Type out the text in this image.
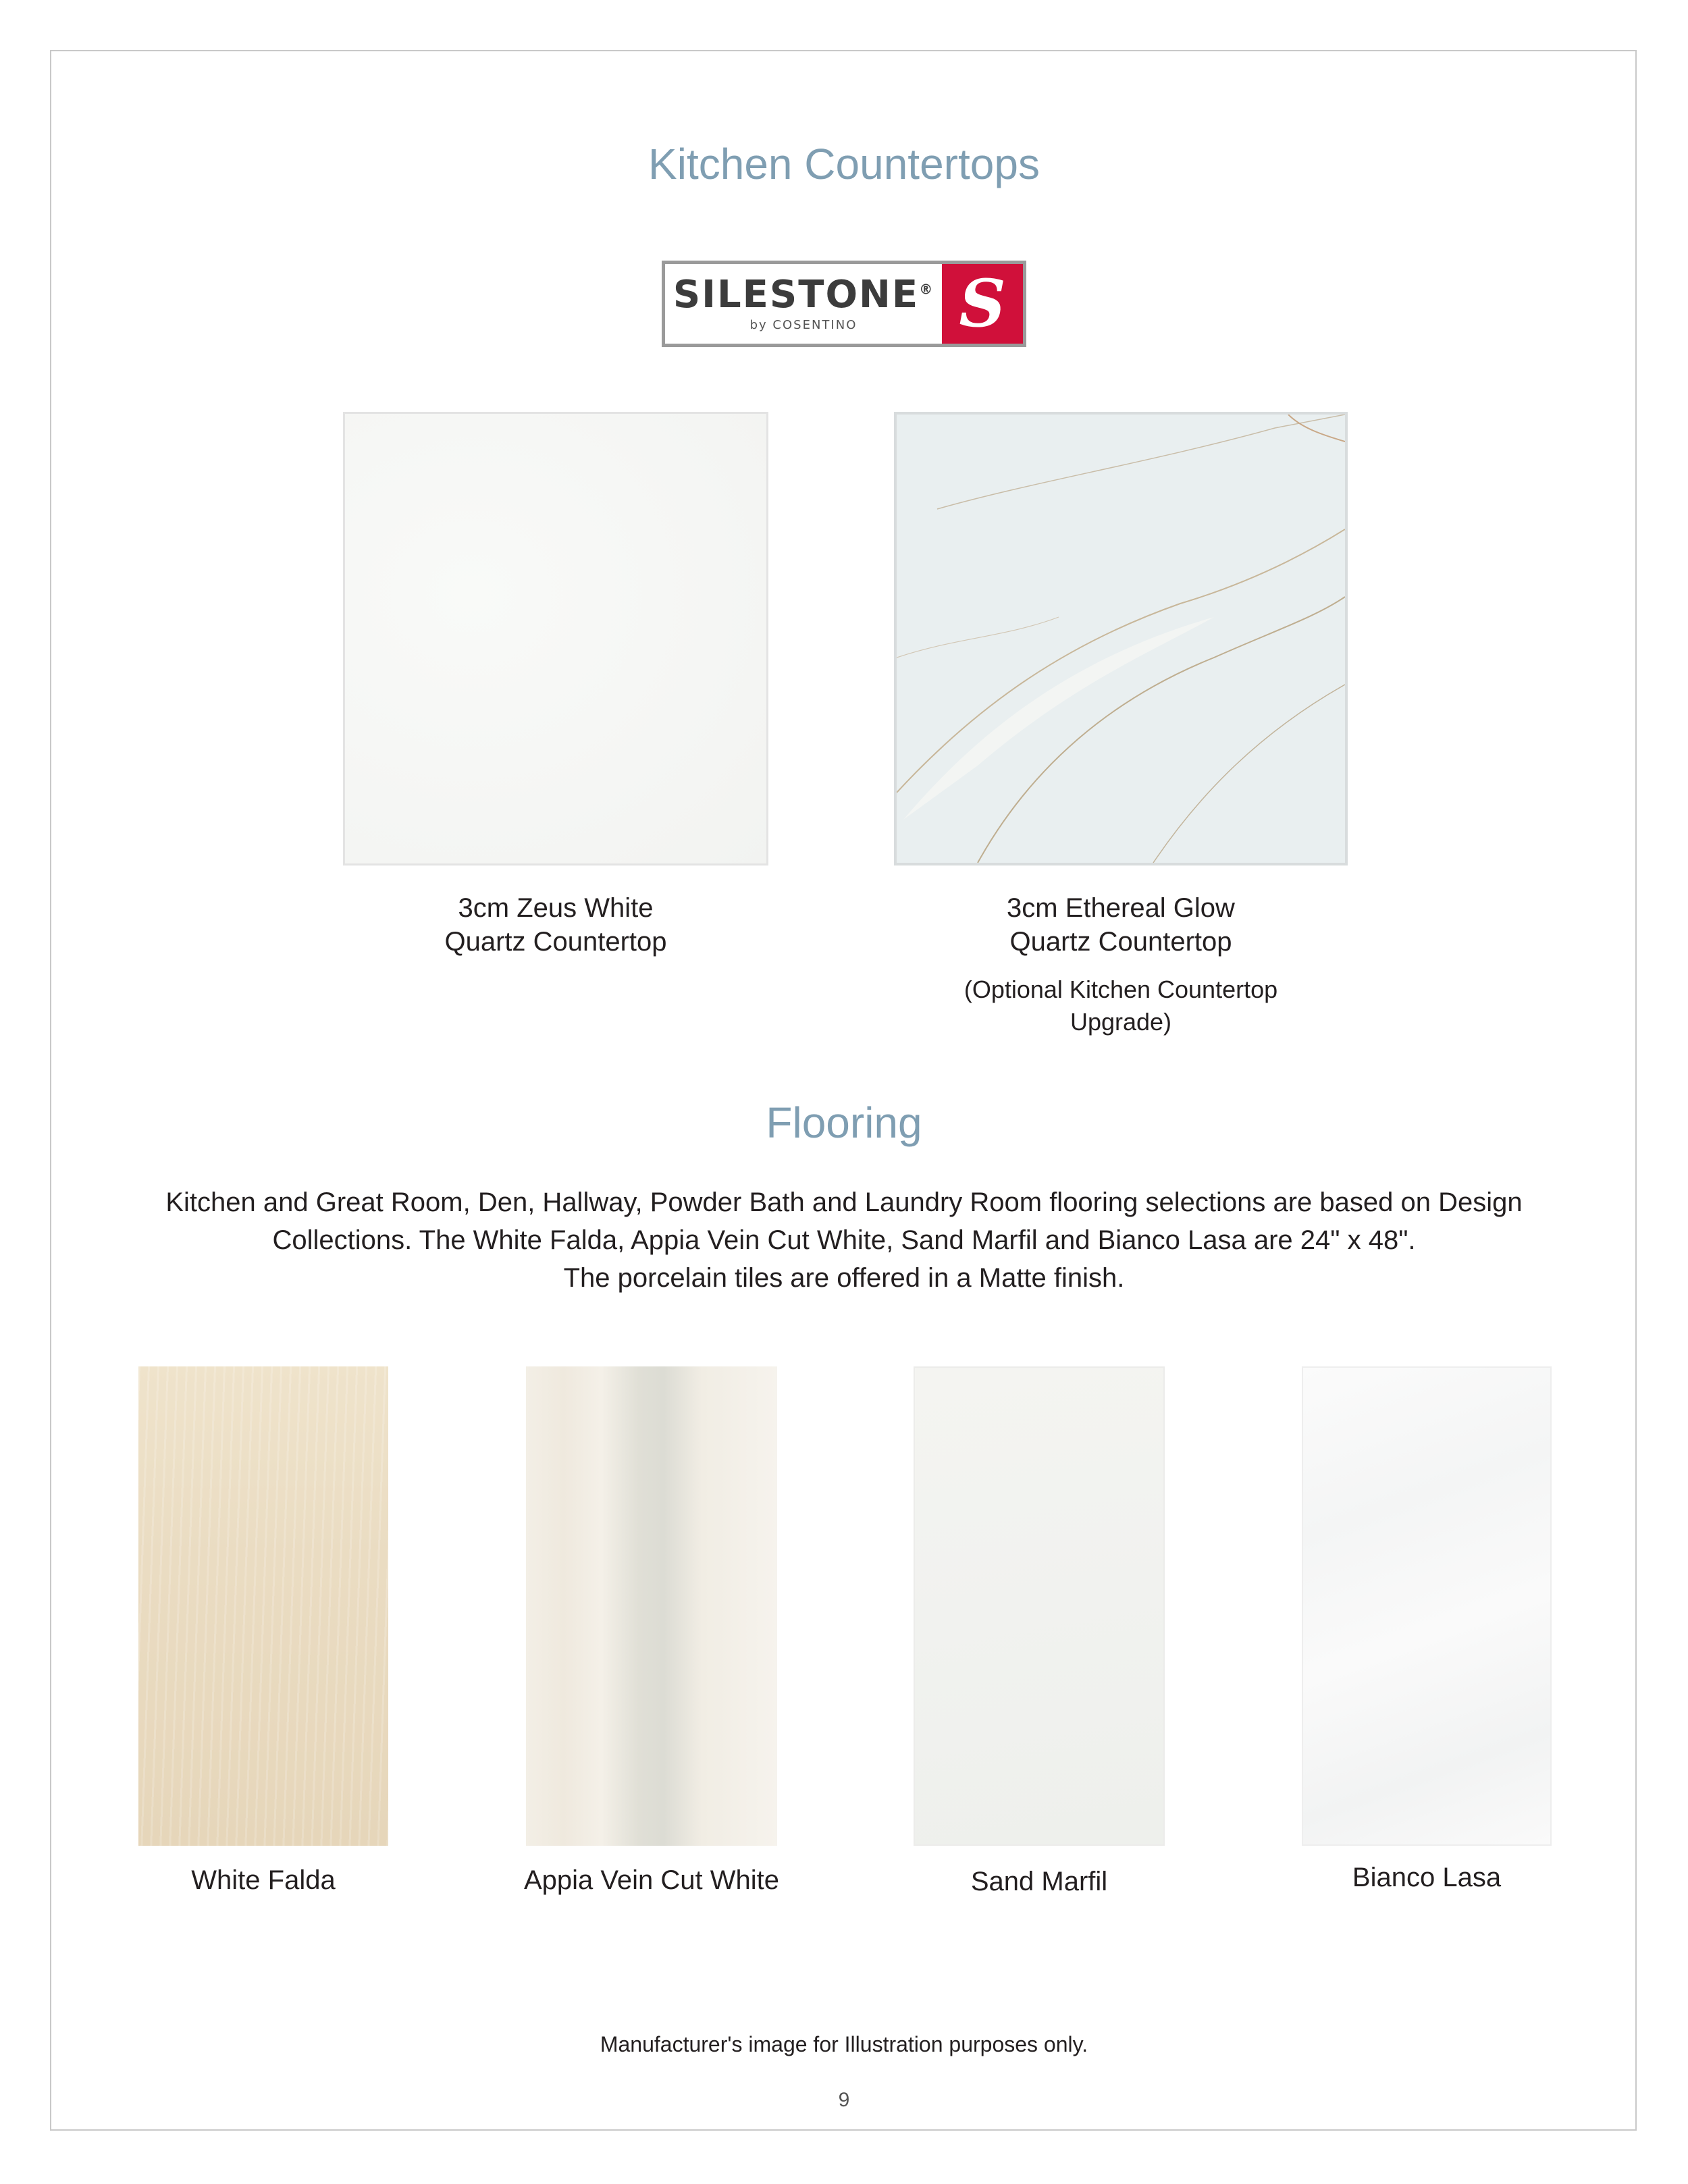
Kitchen Countertops
SILESTONE®
by COSENTINO S
3cm Zeus White
Quartz Countertop
3cm Ethereal Glow
Quartz Countertop
(Optional Kitchen Countertop
Upgrade)
Flooring

Kitchen and Great Room, Den, Hallway, Powder Bath and Laundry Room flooring selections are based on Design
Collections. The White Falda, Appia Vein Cut White, Sand Marfil and Bianco Lasa are 24" x 48".
The porcelain tiles are offered in a Matte finish.

White Falda	Appia Vein Cut White	Sand Marfil	Bianco Lasa
Manufacturer's image for Illustration purposes only.
9
